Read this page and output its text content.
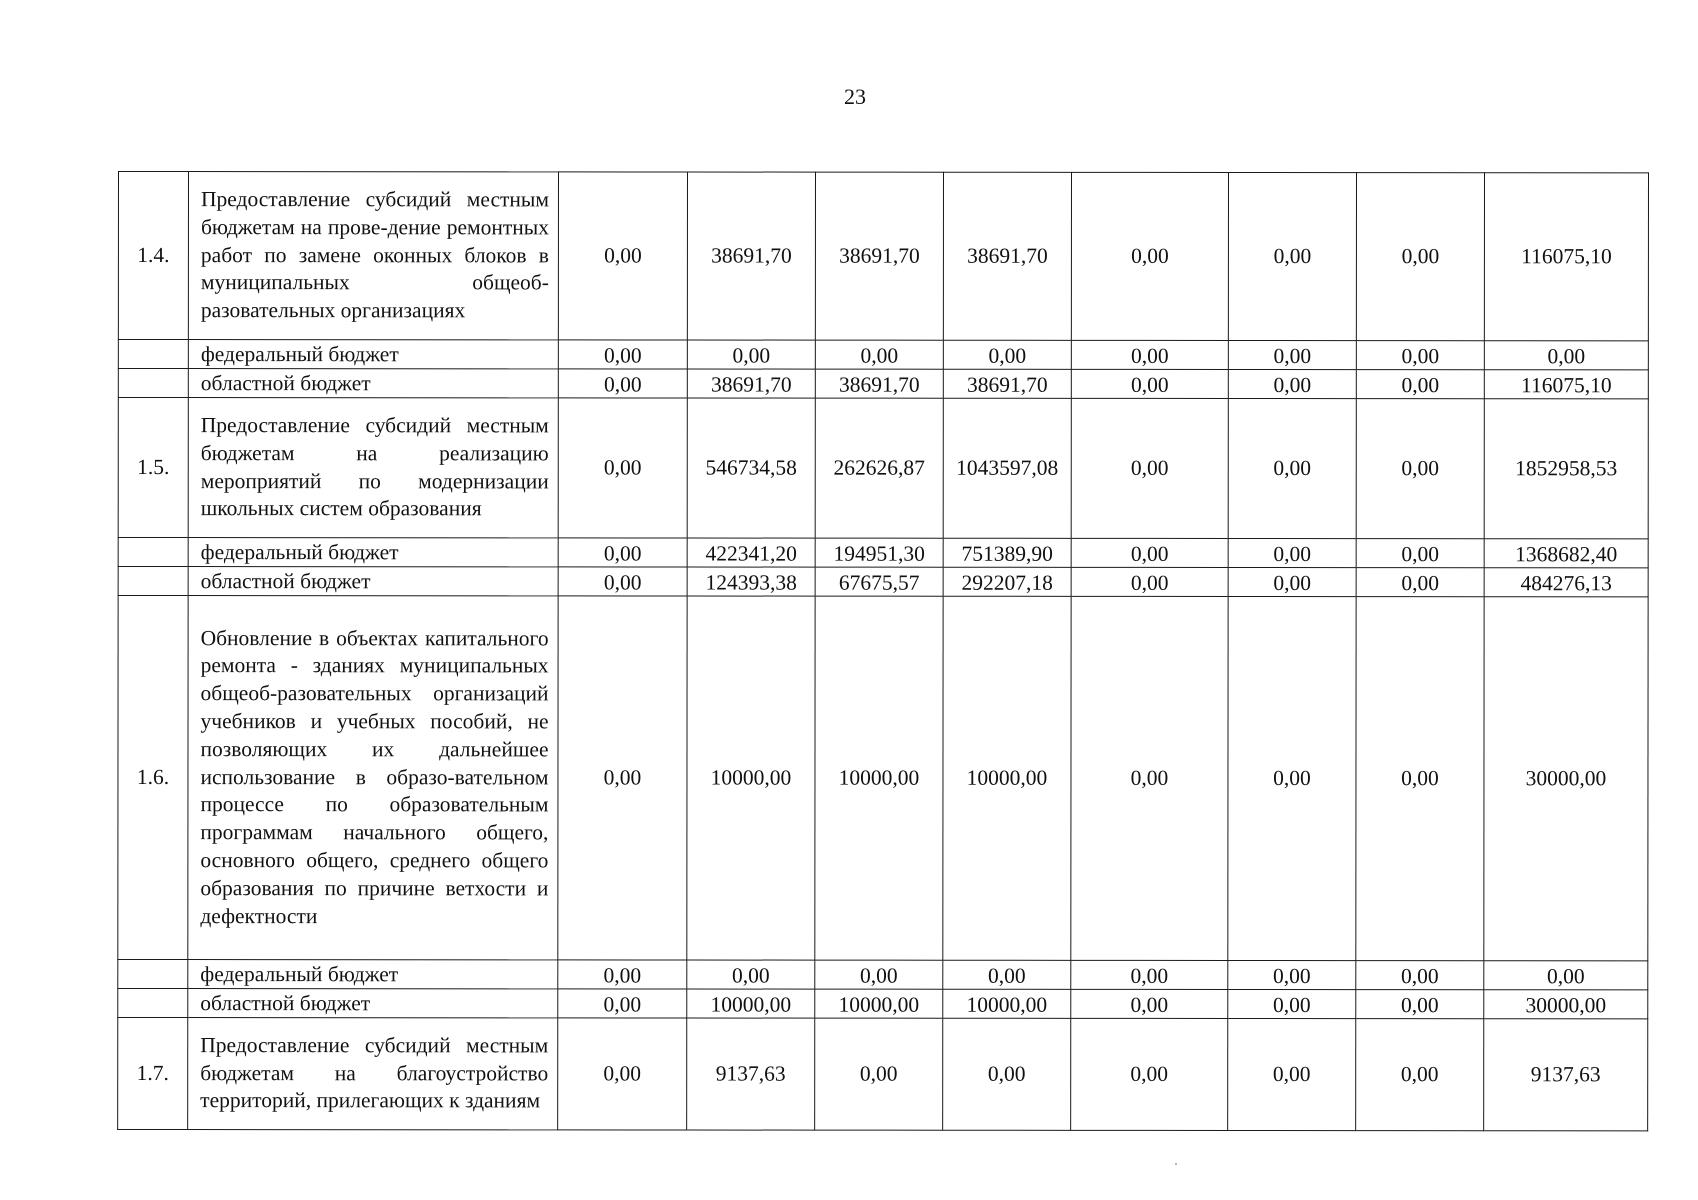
23
1.4.	Предоставление субсидий местным бюджетам на прове-дение ремонтных работ по замене оконных блоков в муниципальных общеоб-разовательных организациях	0,00	38691,70	38691,70	38691,70	0,00	0,00	0,00	116075,10
	федеральный бюджет	0,00	0,00	0,00	0,00	0,00	0,00	0,00	0,00
	областной бюджет	0,00	38691,70	38691,70	38691,70	0,00	0,00	0,00	116075,10
1.5.	Предоставление субсидий местным бюджетам на реализацию мероприятий по модернизации школьных систем образования	0,00	546734,58	262626,87	1043597,08	0,00	0,00	0,00	1852958,53
	федеральный бюджет	0,00	422341,20	194951,30	751389,90	0,00	0,00	0,00	1368682,40
	областной бюджет	0,00	124393,38	67675,57	292207,18	0,00	0,00	0,00	484276,13
1.6.	Обновление в объектах капитального ремонта - зданиях муниципальных общеоб-разовательных организаций учебников и учебных пособий, не позволяющих их дальнейшее использование в образо-вательном процессе по образовательным программам начального общего, основного общего, среднего общего образования по причине ветхости и дефектности	0,00	10000,00	10000,00	10000,00	0,00	0,00	0,00	30000,00
	федеральный бюджет	0,00	0,00	0,00	0,00	0,00	0,00	0,00	0,00
	областной бюджет	0,00	10000,00	10000,00	10000,00	0,00	0,00	0,00	30000,00
1.7.	Предоставление субсидий местным бюджетам на благоустройство территорий, прилегающих к зданиям	0,00	9137,63	0,00	0,00	0,00	0,00	0,00	9137,63
